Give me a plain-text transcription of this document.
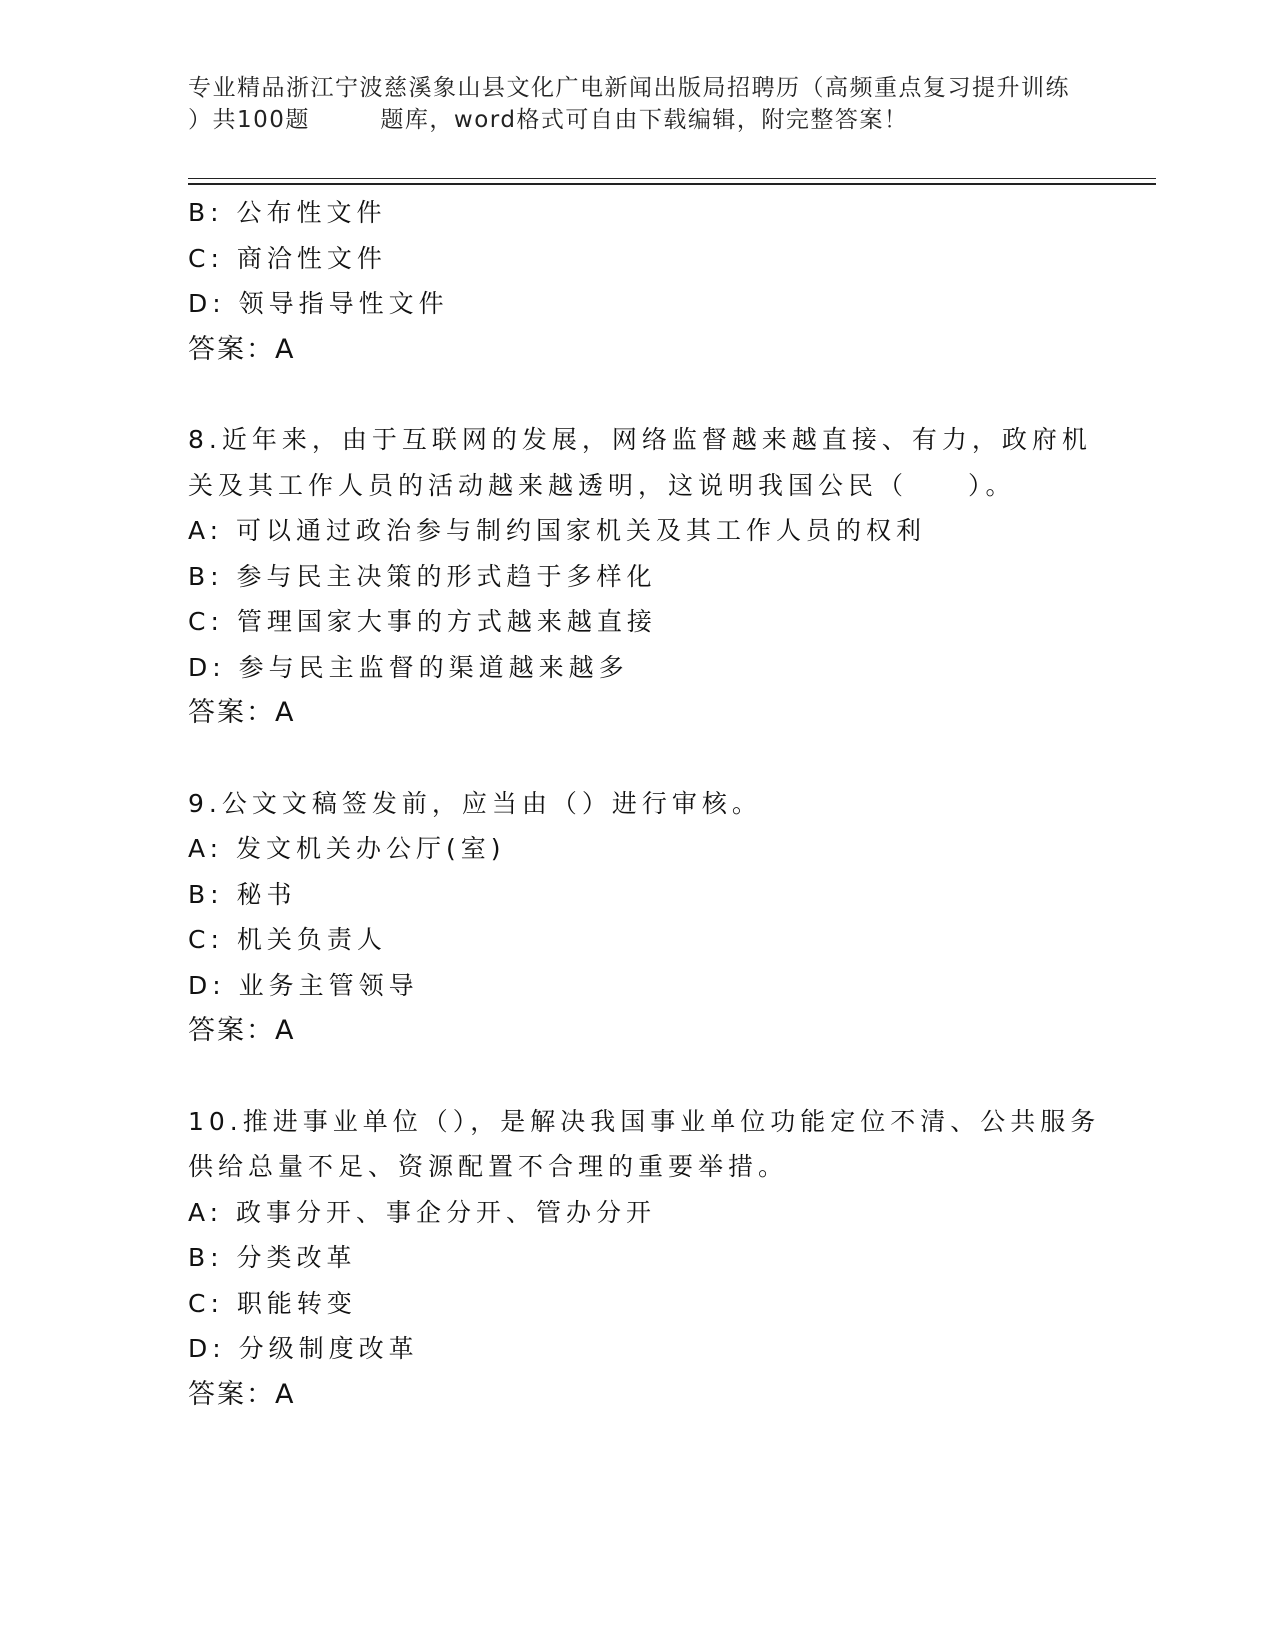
专业精品浙江宁波慈溪象山县文化广电新闻出版局招聘历（高频重点复习提升训练
）共100题        题库，word格式可自由下载编辑，附完整答案！
B: 公布性文件
C: 商洽性文件
D: 领导指导性文件
答案：A
8.近年来，由于互联网的发展，网络监督越来越直接、有力，政府机
关及其工作人员的活动越来越透明，这说明我国公民（　　）。
A: 可以通过政治参与制约国家机关及其工作人员的权利
B: 参与民主决策的形式趋于多样化
C: 管理国家大事的方式越来越直接
D: 参与民主监督的渠道越来越多
答案：A
9.公文文稿签发前，应当由（）进行审核。
A: 发文机关办公厅(室)
B: 秘书
C: 机关负责人
D: 业务主管领导
答案：A
10.推进事业单位（），是解决我国事业单位功能定位不清、公共服务
供给总量不足、资源配置不合理的重要举措。
A: 政事分开、事企分开、管办分开
B: 分类改革
C: 职能转变
D: 分级制度改革
答案：A
